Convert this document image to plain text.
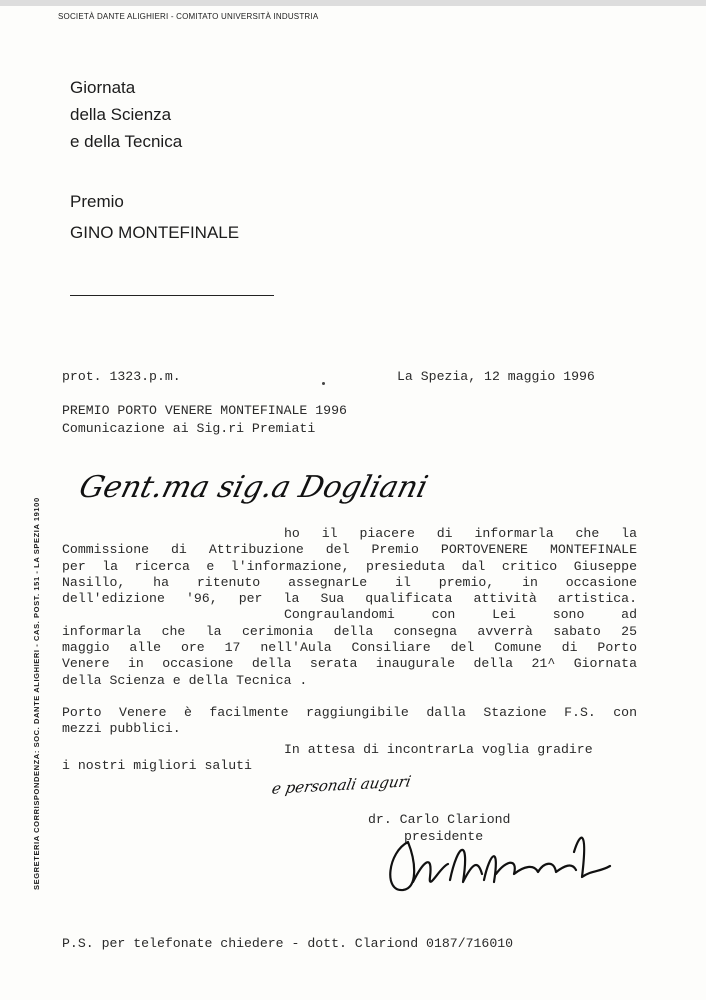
SOCIETÀ DANTE ALIGHIERI - COMITATO UNIVERSITÀ INDUSTRIA
SEGRETERIA CORRISPONDENZA: SOC. DANTE ALIGHIERI - CAS. POST. 151 - LA SPEZIA 19100
Giornata
della Scienza
e della Tecnica
Premio
GINO MONTEFINALE
prot. 1323.p.m.	La Spezia, 12 maggio 1996
PREMIO PORTO VENERE MONTEFINALE 1996
Comunicazione ai Sig.ri Premiati
Gent.ma sig.a Dogliani
ho il piacere di informarla che la
Commissione di Attribuzione del Premio PORTOVENERE MONTEFINALE
per la ricerca e l'informazione, presieduta dal critico Giuseppe
Nasillo, ha ritenuto assegnarLe il premio, in occasione
dell'edizione '96, per la Sua qualificata attività artistica.
Congraulandomi con Lei sono ad
informarla che la cerimonia della consegna avverrà sabato 25
maggio alle ore 17 nell'Aula Consiliare del Comune di Porto
Venere in occasione della serata inaugurale della 21^ Giornata
della Scienza e della Tecnica .
Porto Venere è facilmente raggiungibile dalla Stazione F.S. con
mezzi pubblici.
In attesa di incontrarLa voglia gradire
i nostri migliori saluti
e personali auguri
dr. Carlo Clariond
presidente
P.S. per telefonate chiedere - dott. Clariond 0187/716010
